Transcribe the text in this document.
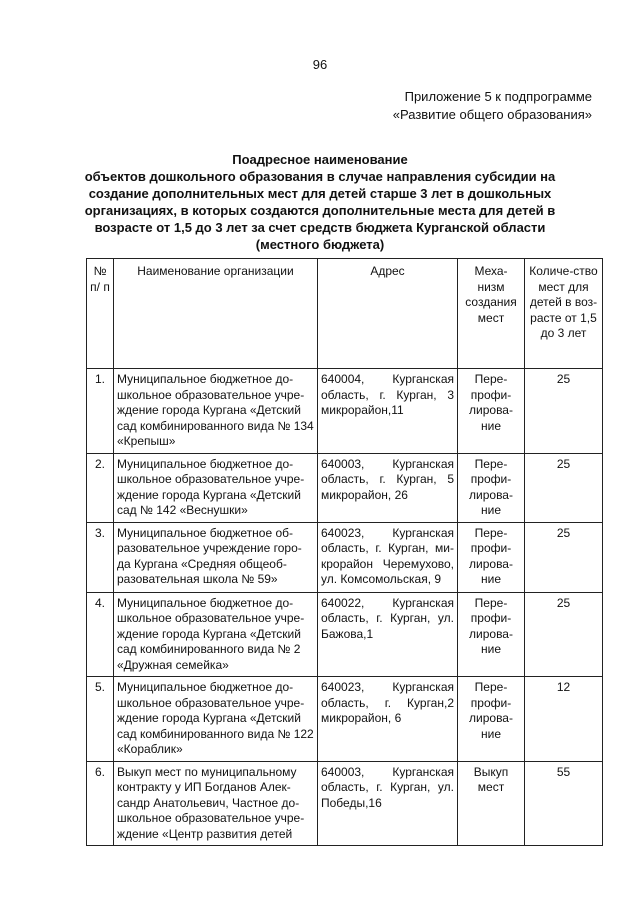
96
Приложение 5 к подпрограмме
«Развитие общего образования»
Поадресное наименование
объектов дошкольного образования в случае направления субсидии на
создание дополнительных мест для детей старше 3 лет в дошкольных
организациях, в которых создаются дополнительные места для детей в
возрасте от 1,5 до 3 лет за счет средств бюджета Курганской области
(местного бюджета)
№ п/ п	Наименование организации	Адрес	Меха-низм создания мест	Количе-ство мест для детей в воз-расте от 1,5 до 3 лет
1.	Муниципальное бюджетное до-школьное образовательное учре-ждение города Кургана «Детский сад комбинированного вида № 134 «Крепыш»	640004, Курганская область, г. Курган, 3 микрорайон,11	Пере-профи-лирова-ние	25
2.	Муниципальное бюджетное до-школьное образовательное учре-ждение города Кургана «Детский сад № 142 «Веснушки»	640003, Курганская область, г. Курган, 5 микрорайон, 26	Пере-профи-лирова-ние	25
3.	Муниципальное бюджетное об-разовательное учреждение горо-да Кургана «Средняя общеоб-разовательная школа № 59»	640023, Курганская область, г. Курган, ми-крорайон Черемухово, ул. Комсомольская, 9	Пере-профи-лирова-ние	25
4.	Муниципальное бюджетное до-школьное образовательное учре-ждение города Кургана «Детский сад комбинированного вида № 2 «Дружная семейка»	640022, Курганская область, г. Курган, ул. Бажова,1	Пере-профи-лирова-ние	25
5.	Муниципальное бюджетное до-школьное образовательное учре-ждение города Кургана «Детский сад комбинированного вида № 122 «Кораблик»	640023, Курганская область, г. Курган,2 микрорайон, 6	Пере-профи-лирова-ние	12
6.	Выкуп мест по муниципальному контракту у ИП Богданов Алек-сандр Анатольевич, Частное до-школьное образовательное учре-ждение «Центр развития детей	640003, Курганская область, г. Курган, ул. Победы,16	Выкуп мест	55
